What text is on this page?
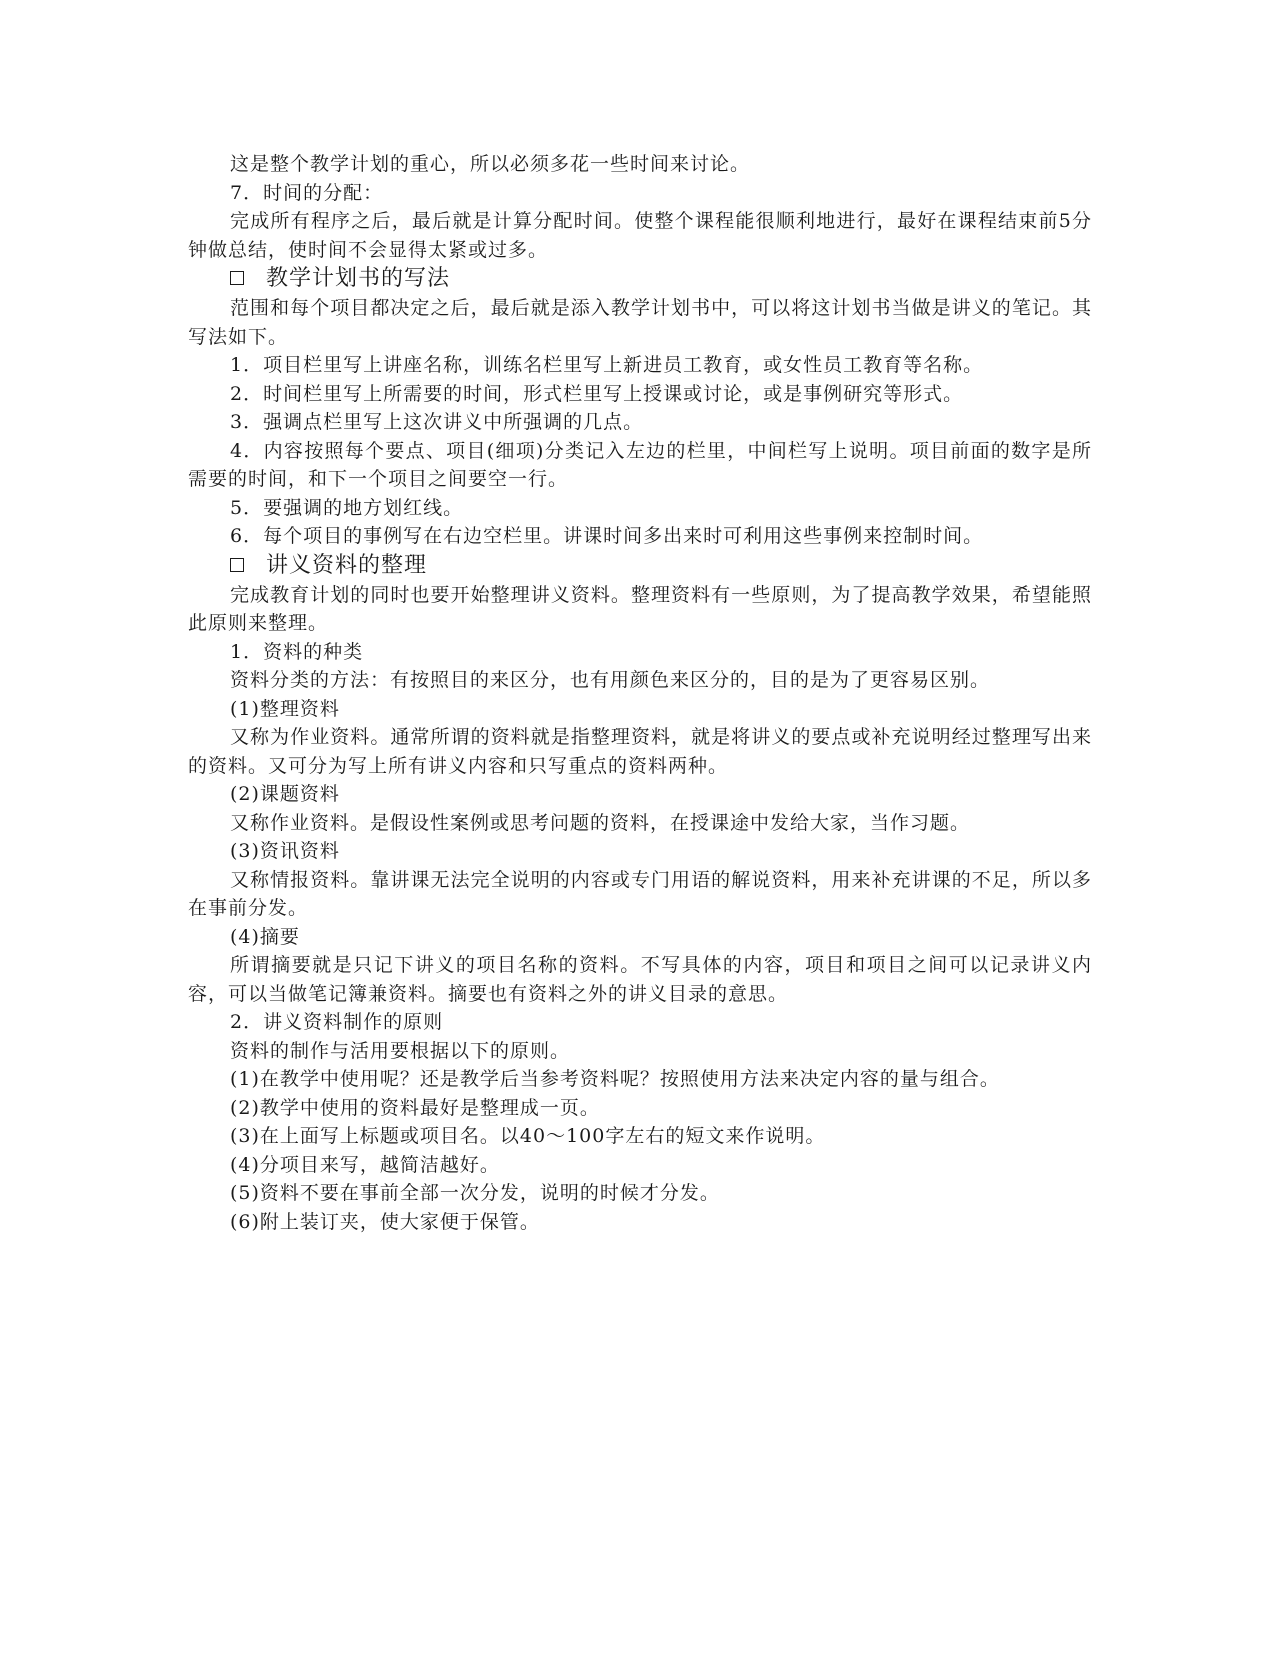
这是整个教学计划的重心，所以必须多花一些时间来讨论。
7．时间的分配：
完成所有程序之后，最后就是计算分配时间。使整个课程能很顺利地进行，最好在课程结束前5分钟做总结，使时间不会显得太紧或过多。
教学计划书的写法
范围和每个项目都决定之后，最后就是添入教学计划书中，可以将这计划书当做是讲义的笔记。其写法如下。
1．项目栏里写上讲座名称，训练名栏里写上新进员工教育，或女性员工教育等名称。
2．时间栏里写上所需要的时间，形式栏里写上授课或讨论，或是事例研究等形式。
3．强调点栏里写上这次讲义中所强调的几点。
4．内容按照每个要点、项目(细项)分类记入左边的栏里，中间栏写上说明。项目前面的数字是所需要的时间，和下一个项目之间要空一行。
5．要强调的地方划红线。
6．每个项目的事例写在右边空栏里。讲课时间多出来时可利用这些事例来控制时间。
讲义资料的整理
完成教育计划的同时也要开始整理讲义资料。整理资料有一些原则，为了提高教学效果，希望能照此原则来整理。
1．资料的种类
资料分类的方法：有按照目的来区分，也有用颜色来区分的，目的是为了更容易区别。
(1)整理资料
又称为作业资料。通常所谓的资料就是指整理资料，就是将讲义的要点或补充说明经过整理写出来的资料。又可分为写上所有讲义内容和只写重点的资料两种。
(2)课题资料
又称作业资料。是假设性案例或思考问题的资料，在授课途中发给大家，当作习题。
(3)资讯资料
又称情报资料。靠讲课无法完全说明的内容或专门用语的解说资料，用来补充讲课的不足，所以多在事前分发。
(4)摘要
所谓摘要就是只记下讲义的项目名称的资料。不写具体的内容，项目和项目之间可以记录讲义内容，可以当做笔记簿兼资料。摘要也有资料之外的讲义目录的意思。
2．讲义资料制作的原则
资料的制作与活用要根据以下的原则。
(1)在教学中使用呢？还是教学后当参考资料呢？按照使用方法来决定内容的量与组合。
(2)教学中使用的资料最好是整理成一页。
(3)在上面写上标题或项目名。以40～100字左右的短文来作说明。
(4)分项目来写，越简洁越好。
(5)资料不要在事前全部一次分发，说明的时候才分发。
(6)附上装订夹，使大家便于保管。
